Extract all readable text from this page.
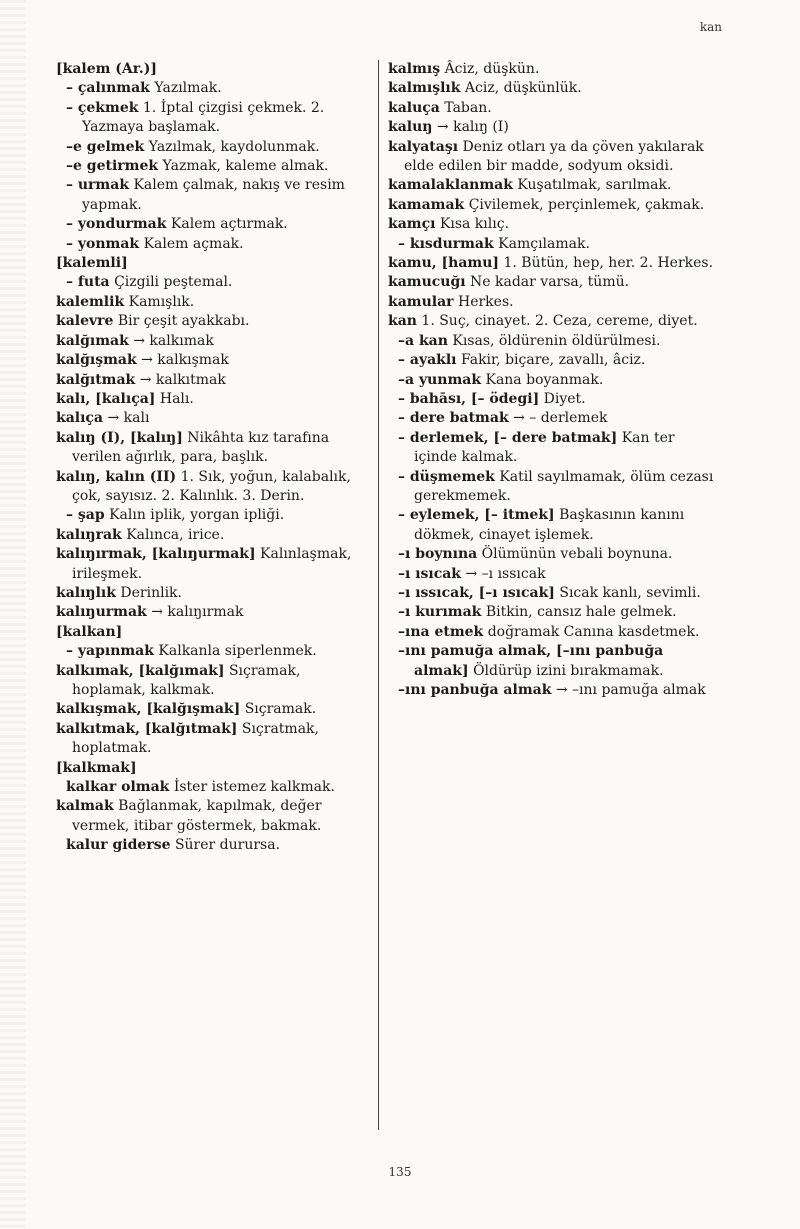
kan

[kalem (Ar.)]

– çalınmak Yazılmak.

– çekmek 1. İptal çizgisi çekmek. 2. Yazmaya başlamak.

–e gelmek Yazılmak, kaydolunmak.

–e getirmek Yazmak, kaleme almak.

– urmak Kalem çalmak, nakış ve resim yapmak.

– yondurmak Kalem açtırmak.

– yonmak Kalem açmak.

[kalemli]

– futa Çizgili peştemal.

kalemlik Kamışlık.

kalevre Bir çeşit ayakkabı.

kalğımak → kalkımak

kalğışmak → kalkışmak

kalğıtmak → kalkıtmak

kalı, [kalıça] Halı.

kalıça → kalı

kalıŋ (I), [kalıŋ] Nikâhta kız tarafına verilen ağırlık, para, başlık.

kalıŋ, kalın (II) 1. Sık, yoğun, kalabalık, çok, sayısız. 2. Kalınlık. 3. Derin.

– şap Kalın iplik, yorgan ipliği.

kalıŋrak Kalınca, irice.

kalıŋırmak, [kalıŋurmak] Kalınlaşmak, irileşmek.

kalıŋlık Derinlik.

kalıŋurmak → kalıŋırmak

[kalkan]

– yapınmak Kalkanla siperlenmek.

kalkımak, [kalğımak] Sıçramak, hoplamak, kalkmak.

kalkışmak, [kalğışmak] Sıçramak.

kalkıtmak, [kalğıtmak] Sıçratmak, hoplatmak.

[kalkmak]

kalkar olmak İster istemez kalkmak.

kalmak Bağlanmak, kapılmak, değer vermek, itibar göstermek, bakmak.

kalur giderse Sürer durursa.

kalmış Âciz, düşkün.

kalmışlık Aciz, düşkünlük.

kaluça Taban.

kaluŋ → kalıŋ (I)

kalyataşı Deniz otları ya da çöven yakılarak elde edilen bir madde, sodyum oksidi.

kamalaklanmak Kuşatılmak, sarılmak.

kamamak Çivilemek, perçinlemek, çakmak.

kamçı Kısa kılıç.

– kısdurmak Kamçılamak.

kamu, [hamu] 1. Bütün, hep, her. 2. Herkes.

kamucuğı Ne kadar varsa, tümü.

kamular Herkes.

kan 1. Suç, cinayet. 2. Ceza, cereme, diyet.

–a kan Kısas, öldürenin öldürülmesi.

– ayaklı Fakir, biçare, zavallı, âciz.

–a yunmak Kana boyanmak.

– bahāsı, [– ödegi] Diyet.

– dere batmak → – derlemek

– derlemek, [– dere batmak] Kan ter içinde kalmak.

– düşmemek Katil sayılmamak, ölüm cezası gerekmemek.

– eylemek, [– itmek] Başkasının kanını dökmek, cinayet işlemek.

–ı boynına Ölümünün vebali boynuna.

–ı ısıcak → –ı ıssıcak

–ı ıssıcak, [–ı ısıcak] Sıcak kanlı, sevimli.

–ı kurımak Bitkin, cansız hale gelmek.

–ına etmek doğramak Canına kasdetmek.

–ını pamuğa almak, [–ını panbuğa almak] Öldürüp izini bırakmamak.

–ını panbuğa almak → –ını pamuğa almak

135
